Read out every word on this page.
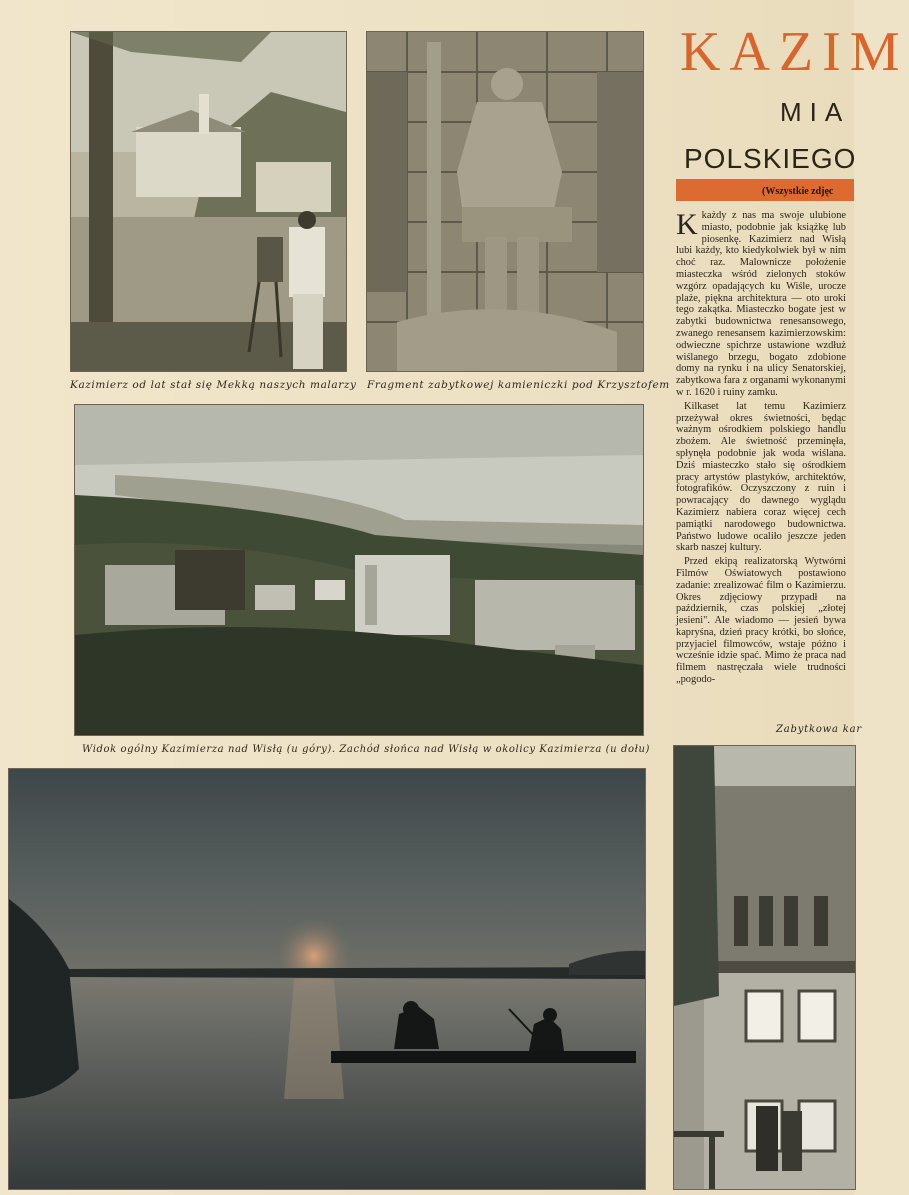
Kazimierz od lat stał się Mekką naszych malarzy Fragment zabytkowej kamieniczki pod Krzysztofem
Widok ogólny Kazimierza nad Wisłą (u góry). Zachód słońca nad Wisłą w okolicy Kazimierza (u dołu)
KAZIM
MIA
POLSKIEGO
(Wszystkie zdjęc

Kkażdy z nas ma swoje ulubione miasto, podobnie jak książkę lub piosenkę. Kazimierz nad Wisłą lubi każdy, kto kiedykolwiek był w nim choć raz. Malownicze położenie miasteczka wśród zielonych stoków wzgórz opadających ku Wiśle, urocze plaże, piękna architektura — oto uroki tego zakątka. Miasteczko bogate jest w zabytki budownictwa renesansowego, zwanego renesansem kazimierzowskim: odwieczne spichrze ustawione wzdłuż wiślanego brzegu, bogato zdobione domy na rynku i na ulicy Senatorskiej, zabytkowa fara z organami wykonanymi w r. 1620 i ruiny zamku.

Kilkaset lat temu Kazimierz przeżywał okres świetności, będąc ważnym ośrodkiem polskiego handlu zbożem. Ale świetność przeminęła, spłynęła podobnie jak woda wiślana. Dziś miasteczko stało się ośrodkiem pracy artystów plastyków, architektów, fotografików. Oczyszczony z ruin i powracający do dawnego wyglądu Kazimierz nabiera coraz więcej cech pamiątki narodowego budownictwa. Państwo ludowe ocaliło jeszcze jeden skarb naszej kultury.

Przed ekipą realizatorską Wytwórni Filmów Oświatowych postawiono zadanie: zrealizować film o Kazimierzu. Okres zdjęciowy przypadł na październik, czas polskiej „złotej jesieni". Ale wiadomo — jesień bywa kapryśna, dzień pracy krótki, bo słońce, przyjaciel filmowców, wstaje późno i wcześnie idzie spać. Mimo że praca nad filmem nastręczała wiele trudności „pogodo-

Zabytkowa kar
